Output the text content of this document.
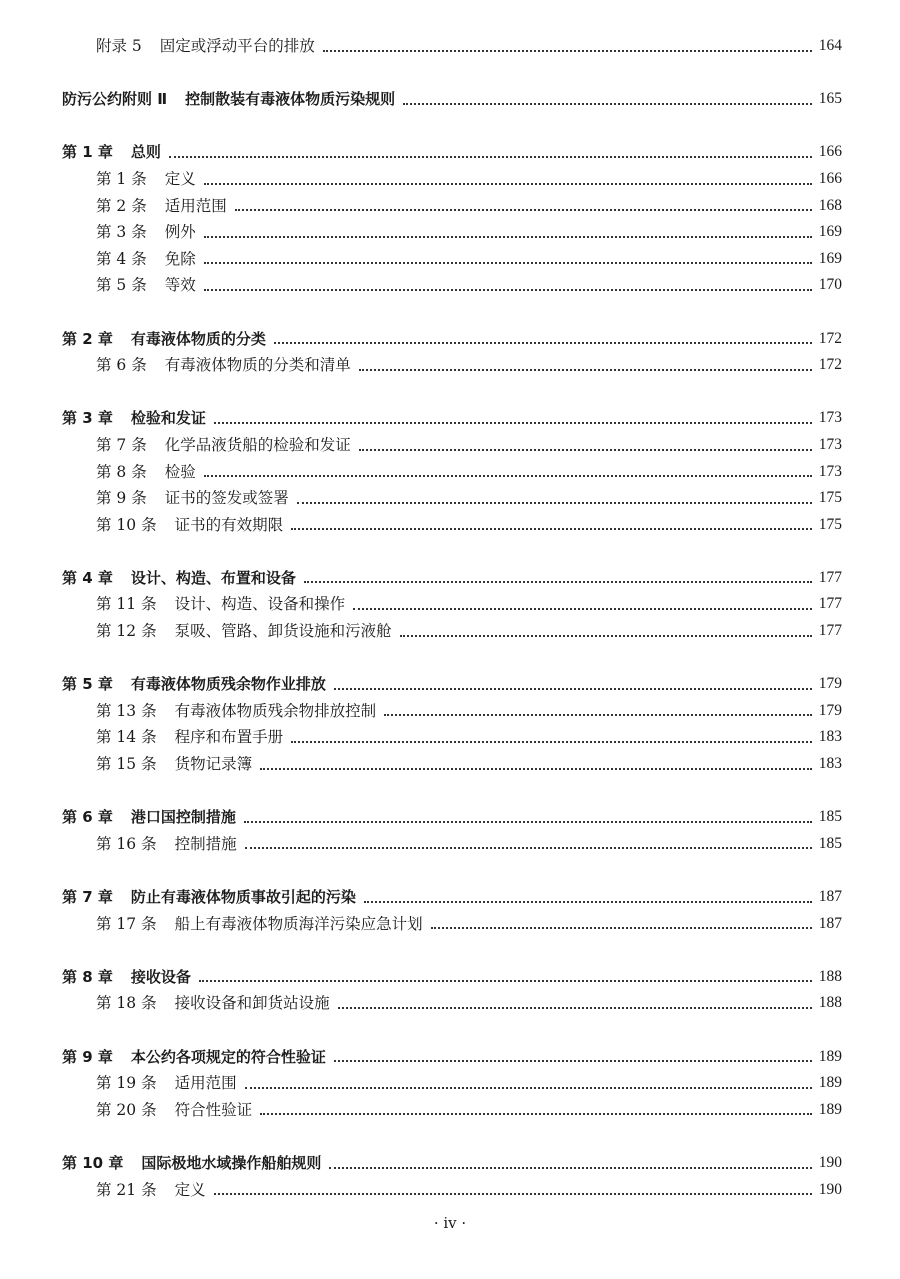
附录 5	固定或浮动平台的排放	164
防污公约附则 Ⅱ	控制散装有毒液体物质污染规则	165
第 1 章	总则	166
第 1 条	定义	166
第 2 条	适用范围	168
第 3 条	例外	169
第 4 条	免除	169
第 5 条	等效	170
第 2 章	有毒液体物质的分类	172
第 6 条	有毒液体物质的分类和清单	172
第 3 章	检验和发证	173
第 7 条	化学品液货船的检验和发证	173
第 8 条	检验	173
第 9 条	证书的签发或签署	175
第 10 条	证书的有效期限	175
第 4 章	设计、构造、布置和设备	177
第 11 条	设计、构造、设备和操作	177
第 12 条	泵吸、管路、卸货设施和污液舱	177
第 5 章	有毒液体物质残余物作业排放	179
第 13 条	有毒液体物质残余物排放控制	179
第 14 条	程序和布置手册	183
第 15 条	货物记录簿	183
第 6 章	港口国控制措施	185
第 16 条	控制措施	185
第 7 章	防止有毒液体物质事故引起的污染	187
第 17 条	船上有毒液体物质海洋污染应急计划	187
第 8 章	接收设备	188
第 18 条	接收设备和卸货站设施	188
第 9 章	本公约各项规定的符合性验证	189
第 19 条	适用范围	189
第 20 条	符合性验证	189
第 10 章	国际极地水域操作船舶规则	190
第 21 条	定义	190
· iv ·
